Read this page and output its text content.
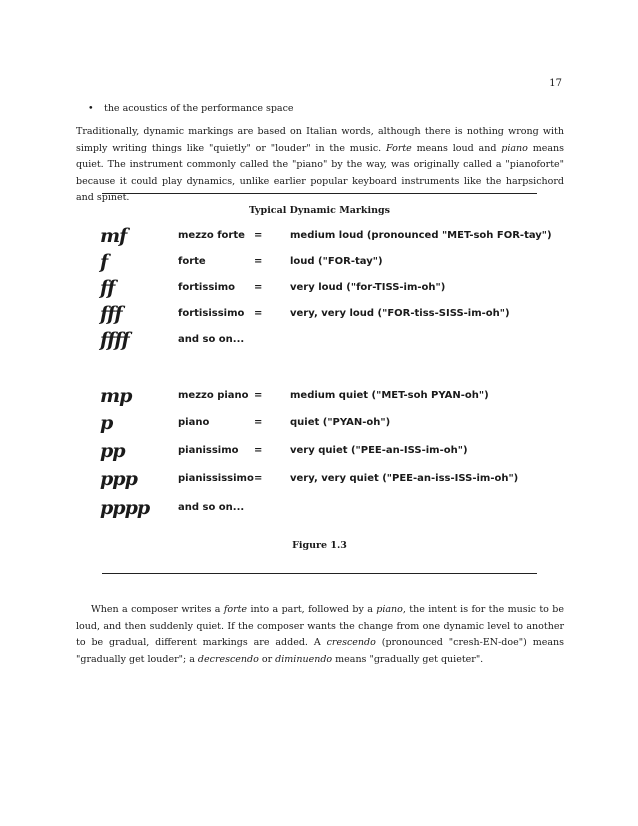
17
• the acoustics of the performance space

Traditionally, dynamic markings are based on Italian words, although there is nothing wrong with simply writing things like "quietly" or "louder" in the music. Forte means loud and piano means quiet. The instrument commonly called the "piano" by the way, was originally called a "pianoforte" because it could play dynamics, unlike earlier popular keyboard instruments like the harpsichord and spinet.

Typical Dynamic Markings
mf	mezzo forte =	medium loud (pronounced "MET-soh FOR-tay")
f	forte	=	loud ("FOR-tay")
ff	fortissimo =	very loud ("for-TISS-im-oh")
fff	fortisissimo =	very, very loud ("FOR-tiss-SISS-im-oh")
ffff	and so on...
mp	mezzo piano =	medium quiet ("MET-soh PYAN-oh")
p	piano	=	quiet ("PYAN-oh")
pp	pianissimo =	very quiet ("PEE-an-ISS-im-oh")
ppp	pianississimo =	very, very quiet ("PEE-an-iss-ISS-im-oh")
pppp	and so on...
Figure 1.3

When a composer writes a forte into a part, followed by a piano, the intent is for the music to be loud, and then suddenly quiet. If the composer wants the change from one dynamic level to another to be gradual, different markings are added. A crescendo (pronounced "cresh-EN-doe") means "gradually get louder"; a decrescendo or diminuendo means "gradually get quieter".
